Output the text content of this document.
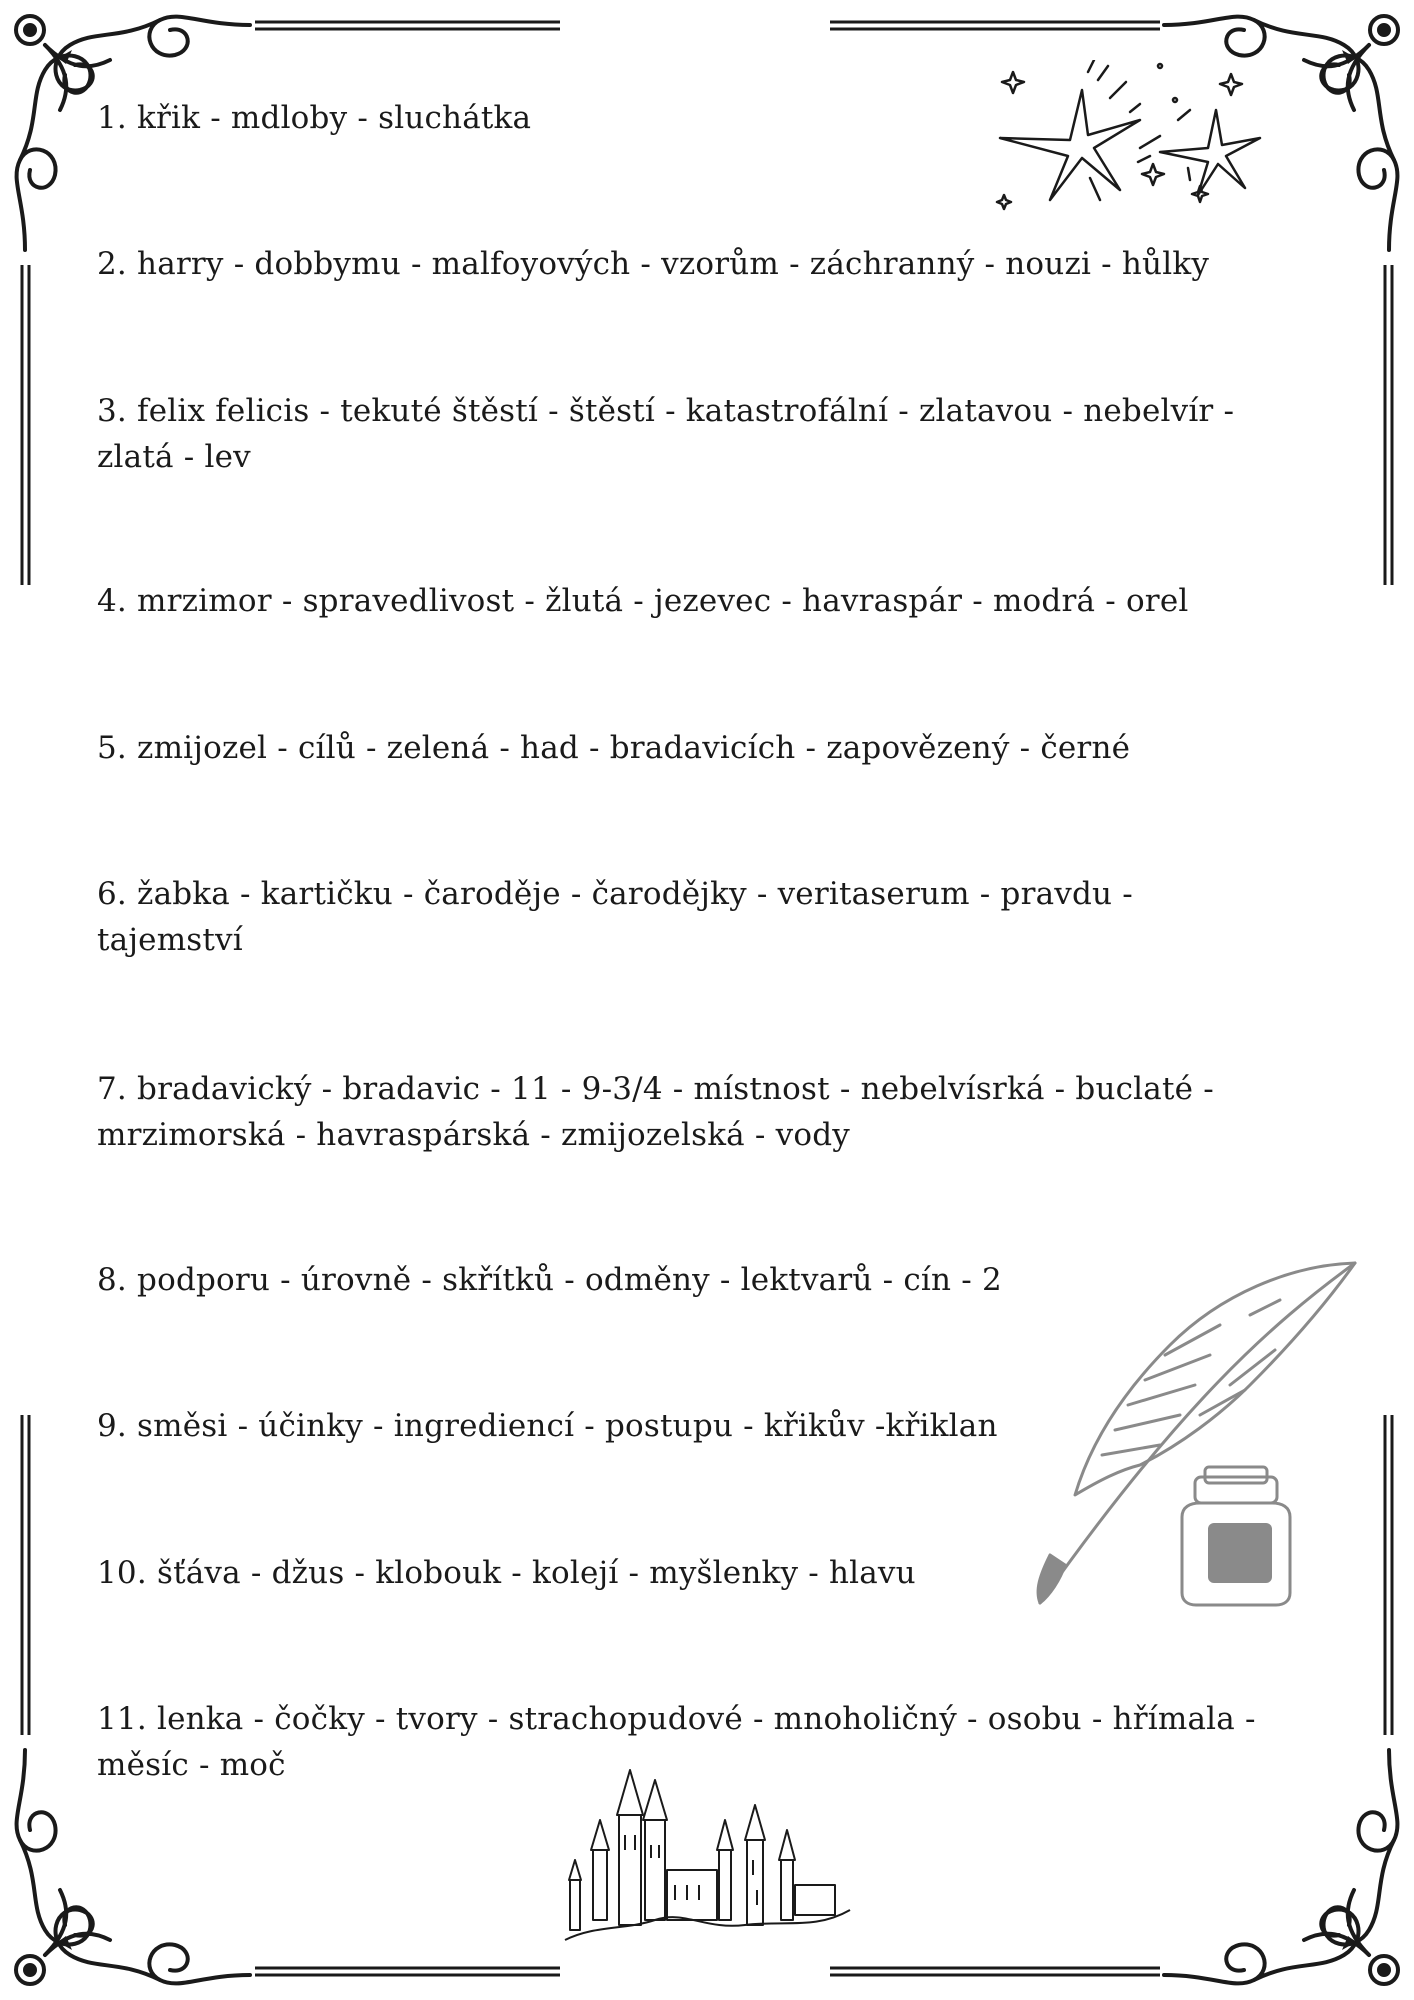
1. křik - mdloby - sluchátka
2. harry - dobbymu - malfoyových - vzorům - záchranný - nouzi - hůlky
3. felix felicis - tekuté štěstí - štěstí - katastrofální - zlatavou - nebelvír -
zlatá - lev
4. mrzimor - spravedlivost - žlutá - jezevec - havraspár - modrá - orel
5. zmijozel - cílů - zelená - had - bradavicích - zapovězený - černé
6. žabka - kartičku - čaroděje - čarodějky - veritaserum - pravdu -
tajemství
7. bradavický - bradavic - 11 - 9-3/4 - místnost - nebelvísrká - buclaté -
mrzimorská - havraspárská - zmijozelská - vody
8. podporu - úrovně - skřítků - odměny - lektvarů - cín - 2
9. směsi - účinky - ingrediencí - postupu - křiků‌v -křiklan
10. šťáva - džus - klobouk - kolejí - myšlenky - hlavu
11. lenka - čočky - tvory - strachopudové - mnoholičný - osobu - hřímala -
měsíc - moč
